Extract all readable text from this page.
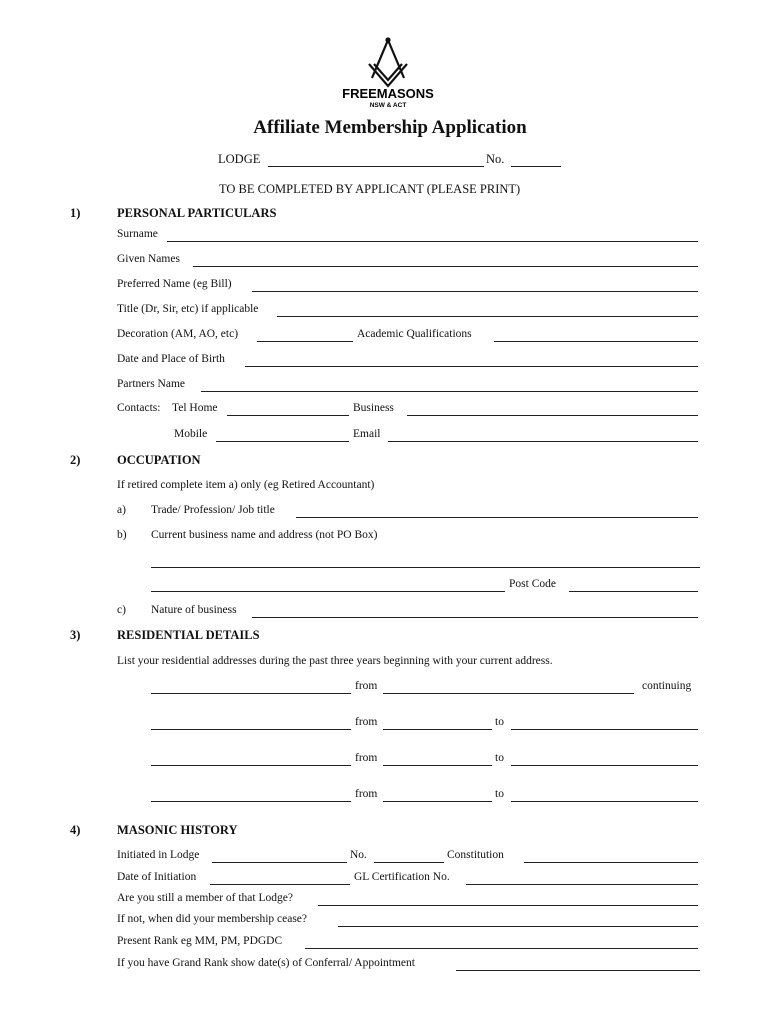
FREEMASONS
NSW & ACT
Affiliate Membership Application
LODGE	No.
TO BE COMPLETED BY APPLICANT (PLEASE PRINT)
1)	PERSONAL PARTICULARS
Surname
Given Names
Preferred Name (eg Bill)
Title (Dr, Sir, etc) if applicable
Decoration (AM, AO, etc)	Academic Qualifications
Date and Place of Birth
Partners Name
Contacts: Tel Home	Business
Mobile	Email
2)	OCCUPATION
If retired complete item a) only (eg Retired Accountant)
a) Trade/ Profession/ Job title
b) Current business name and address (not PO Box)
Post Code
c) Nature of business
3)	RESIDENTIAL DETAILS
List your residential addresses during the past three years beginning with your current address.
from	continuing
from	to
from	to
from	to
4)	MASONIC HISTORY
Initiated in Lodge	No.	Constitution
Date of Initiation	GL Certification No.
Are you still a member of that Lodge?
If not, when did your membership cease?
Present Rank eg MM, PM, PDGDC
If you have Grand Rank show date(s) of Conferral/ Appointment
